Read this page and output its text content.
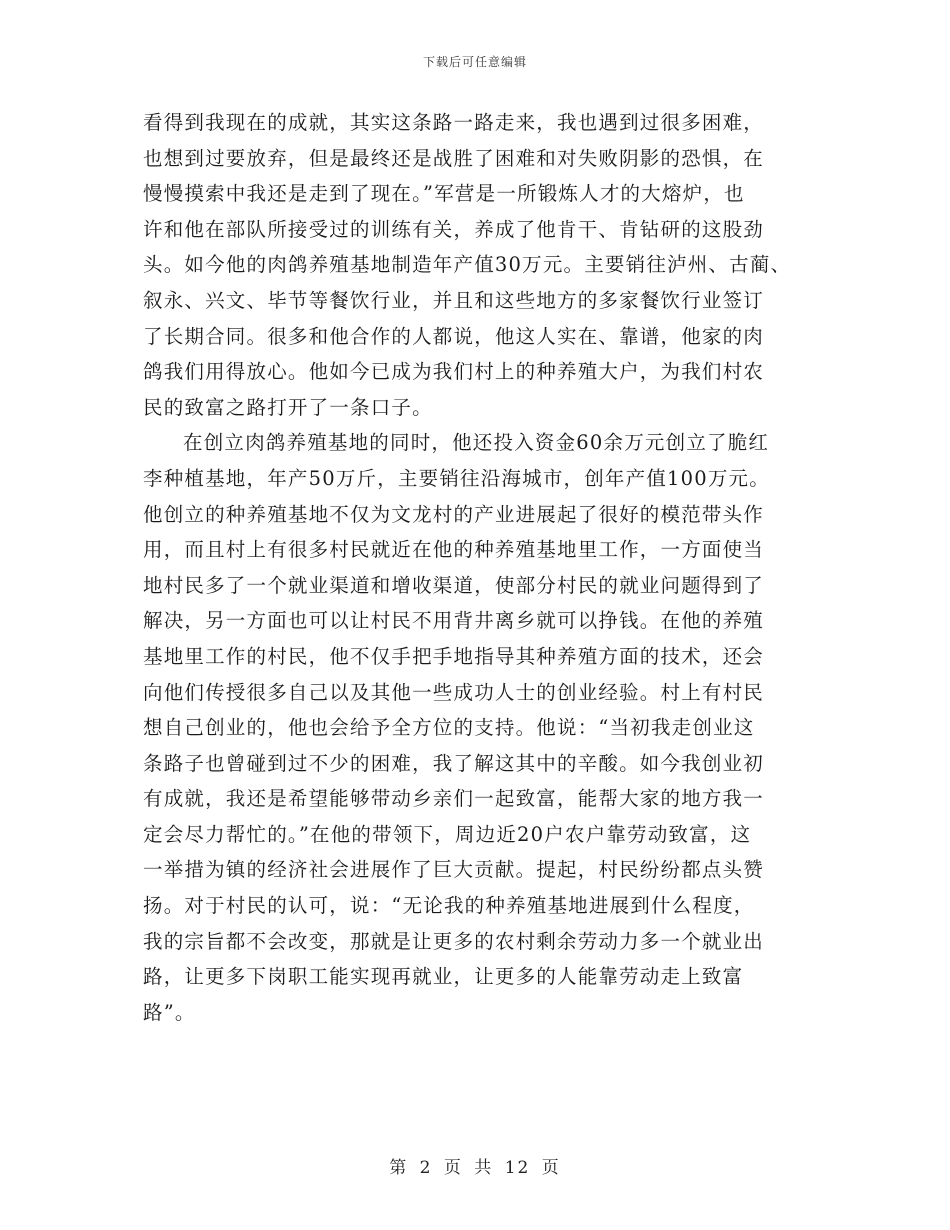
下载后可任意编辑
看得到我现在的成就，其实这条路一路走来，我也遇到过很多困难，
也想到过要放弃，但是最终还是战胜了困难和对失败阴影的恐惧，在
慢慢摸索中我还是走到了现在。”军营是一所锻炼人才的大熔炉，也
许和他在部队所接受过的训练有关，养成了他肯干、肯钻研的这股劲
头。如今他的肉鸽养殖基地制造年产值30万元。主要销往泸州、古蔺、
叙永、兴文、毕节等餐饮行业，并且和这些地方的多家餐饮行业签订
了长期合同。很多和他合作的人都说，他这人实在、靠谱，他家的肉
鸽我们用得放心。他如今已成为我们村上的种养殖大户，为我们村农
民的致富之路打开了一条口子。
在创立肉鸽养殖基地的同时，他还投入资金60余万元创立了脆红
李种植基地，年产50万斤，主要销往沿海城市，创年产值100万元。
他创立的种养殖基地不仅为文龙村的产业进展起了很好的模范带头作
用，而且村上有很多村民就近在他的种养殖基地里工作，一方面使当
地村民多了一个就业渠道和增收渠道，使部分村民的就业问题得到了
解决，另一方面也可以让村民不用背井离乡就可以挣钱。在他的养殖
基地里工作的村民，他不仅手把手地指导其种养殖方面的技术，还会
向他们传授很多自己以及其他一些成功人士的创业经验。村上有村民
想自己创业的，他也会给予全方位的支持。他说：“当初我走创业这
条路子也曾碰到过不少的困难，我了解这其中的辛酸。如今我创业初
有成就，我还是希望能够带动乡亲们一起致富，能帮大家的地方我一
定会尽力帮忙的。”在他的带领下，周边近20户农户靠劳动致富，这
一举措为镇的经济社会进展作了巨大贡献。提起，村民纷纷都点头赞
扬。对于村民的认可，说：“无论我的种养殖基地进展到什么程度，
我的宗旨都不会改变，那就是让更多的农村剩余劳动力多一个就业出
路，让更多下岗职工能实现再就业，让更多的人能靠劳动走上致富
路”。
第 2 页 共 12 页
